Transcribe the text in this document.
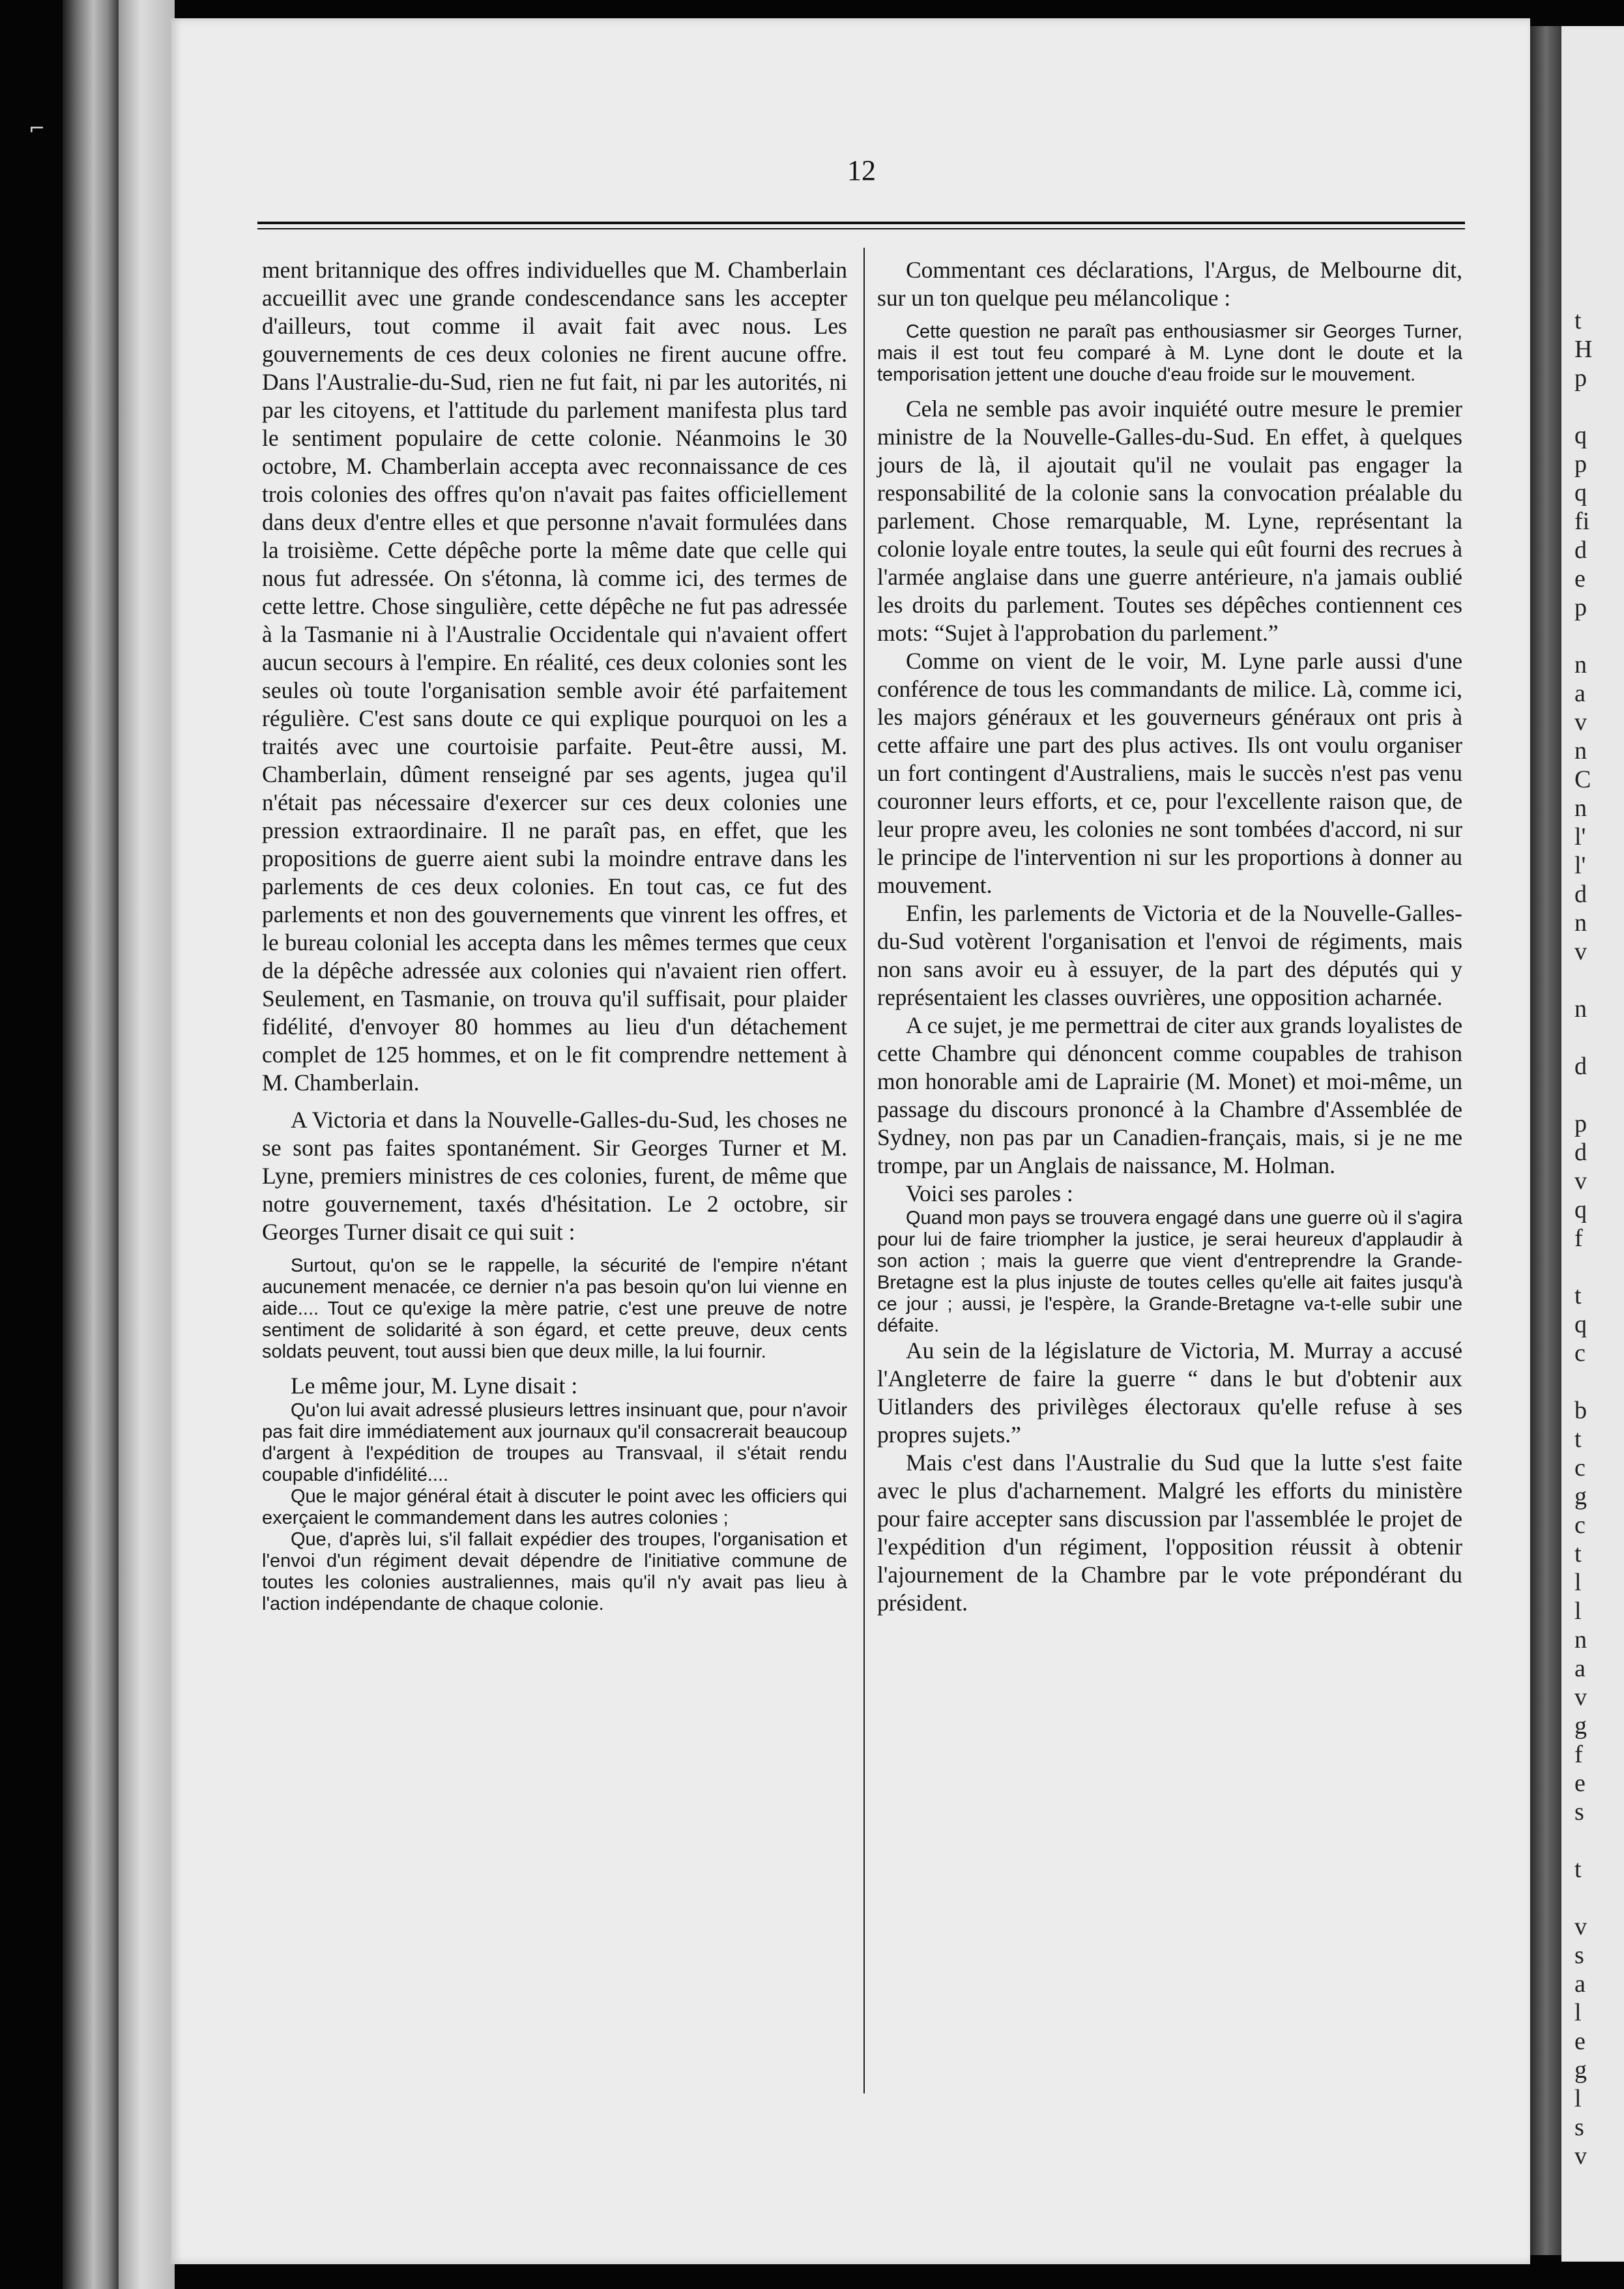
⌐
12

ment britannique des offres individuelles que M. Chamberlain accueillit avec une grande condescendance sans les accepter d'ailleurs, tout comme il avait fait avec nous. Les gouvernements de ces deux colonies ne firent aucune offre. Dans l'Australie-du-Sud, rien ne fut fait, ni par les autorités, ni par les citoyens, et l'attitude du parlement manifesta plus tard le sentiment populaire de cette colonie. Néanmoins le 30 octobre, M. Chamberlain accepta avec reconnaissance de ces trois colonies des offres qu'on n'avait pas faites officiellement dans deux d'entre elles et que personne n'avait formulées dans la troisième. Cette dépêche porte la même date que celle qui nous fut adressée. On s'étonna, là comme ici, des termes de cette lettre. Chose singulière, cette dépêche ne fut pas adressée à la Tasmanie ni à l'Australie Occidentale qui n'avaient offert aucun secours à l'empire. En réalité, ces deux colonies sont les seules où toute l'organisation semble avoir été parfaitement régulière. C'est sans doute ce qui explique pourquoi on les a traités avec une courtoisie parfaite. Peut-être aussi, M. Chamberlain, dûment renseigné par ses agents, jugea qu'il n'était pas nécessaire d'exercer sur ces deux colonies une pression extraordinaire. Il ne paraît pas, en effet, que les propositions de guerre aient subi la moindre entrave dans les parlements de ces deux colonies. En tout cas, ce fut des parlements et non des gouvernements que vinrent les offres, et le bureau colonial les accepta dans les mêmes termes que ceux de la dépêche adressée aux colonies qui n'avaient rien offert. Seulement, en Tasmanie, on trouva qu'il suffisait, pour plaider fidélité, d'envoyer 80 hommes au lieu d'un détachement complet de 125 hommes, et on le fit comprendre nettement à M. Chamberlain.

A Victoria et dans la Nouvelle-Galles-du-Sud, les choses ne se sont pas faites spontanément. Sir Georges Turner et M. Lyne, premiers ministres de ces colonies, furent, de même que notre gouvernement, taxés d'hésitation. Le 2 octobre, sir Georges Turner disait ce qui suit :

Surtout, qu'on se le rappelle, la sécurité de l'empire n'étant aucunement menacée, ce dernier n'a pas besoin qu'on lui vienne en aide.... Tout ce qu'exige la mère patrie, c'est une preuve de notre sentiment de solidarité à son égard, et cette preuve, deux cents soldats peuvent, tout aussi bien que deux mille, la lui fournir.

Le même jour, M. Lyne disait :

Qu'on lui avait adressé plusieurs lettres insinuant que, pour n'avoir pas fait dire immédiatement aux journaux qu'il consacrerait beaucoup d'argent à l'expédition de troupes au Transvaal, il s'était rendu coupable d'infidélité....

Que le major général était à discuter le point avec les officiers qui exerçaient le commandement dans les autres colonies ;

Que, d'après lui, s'il fallait expédier des troupes, l'organisation et l'envoi d'un régiment devait dépendre de l'initiative commune de toutes les colonies australiennes, mais qu'il n'y avait pas lieu à l'action indépendante de chaque colonie.

Commentant ces déclarations, l'Argus, de Melbourne dit, sur un ton quelque peu mélancolique :

Cette question ne paraît pas enthousiasmer sir Georges Turner, mais il est tout feu comparé à M. Lyne dont le doute et la temporisation jettent une douche d'eau froide sur le mouvement.

Cela ne semble pas avoir inquiété outre mesure le premier ministre de la Nouvelle-Galles-du-Sud. En effet, à quelques jours de là, il ajoutait qu'il ne voulait pas engager la responsabilité de la colonie sans la convocation préalable du parlement. Chose remarquable, M. Lyne, représentant la colonie loyale entre toutes, la seule qui eût fourni des recrues à l'armée anglaise dans une guerre antérieure, n'a jamais oublié les droits du parlement. Toutes ses dépêches contiennent ces mots: “Sujet à l'approbation du parlement.”

Comme on vient de le voir, M. Lyne parle aussi d'une conférence de tous les commandants de milice. Là, comme ici, les majors généraux et les gouverneurs généraux ont pris à cette affaire une part des plus actives. Ils ont voulu organiser un fort contingent d'Australiens, mais le succès n'est pas venu couronner leurs efforts, et ce, pour l'excellente raison que, de leur propre aveu, les colonies ne sont tombées d'accord, ni sur le principe de l'intervention ni sur les proportions à donner au mouvement.

Enfin, les parlements de Victoria et de la Nouvelle-Galles-du-Sud votèrent l'organisation et l'envoi de régiments, mais non sans avoir eu à essuyer, de la part des députés qui y représentaient les classes ouvrières, une opposition acharnée.

A ce sujet, je me permettrai de citer aux grands loyalistes de cette Chambre qui dénoncent comme coupables de trahison mon honorable ami de Laprairie (M. Monet) et moi-même, un passage du discours prononcé à la Chambre d'Assemblée de Sydney, non pas par un Canadien-français, mais, si je ne me trompe, par un Anglais de naissance, M. Holman.

Voici ses paroles :

Quand mon pays se trouvera engagé dans une guerre où il s'agira pour lui de faire triompher la justice, je serai heureux d'applaudir à son action ; mais la guerre que vient d'entreprendre la Grande-Bretagne est la plus injuste de toutes celles qu'elle ait faites jusqu'à ce jour ; aussi, je l'espère, la Grande-Bretagne va-t-elle subir une défaite.

Au sein de la législature de Victoria, M. Murray a accusé l'Angleterre de faire la guerre “ dans le but d'obtenir aux Uitlanders des privilèges électoraux qu'elle refuse à ses propres sujets.”

Mais c'est dans l'Australie du Sud que la lutte s'est faite avec le plus d'acharnement. Malgré les efforts du ministère pour faire accepter sans discussion par l'assemblée le projet de l'expédition d'un régiment, l'opposition réussit à obtenir l'ajournement de la Chambre par le vote prépondérant du président.

t
H
p

q
p
q
fi
d
e
p

n
a
v
n
C
n
l'
l'
d
n
v

n

d

p
d
v
q
f

t
q
c

b
t
c
g
c
t
l
l
n
a
v
g
f
e
s

t

v
s
a
l
e
g
l
s
v
